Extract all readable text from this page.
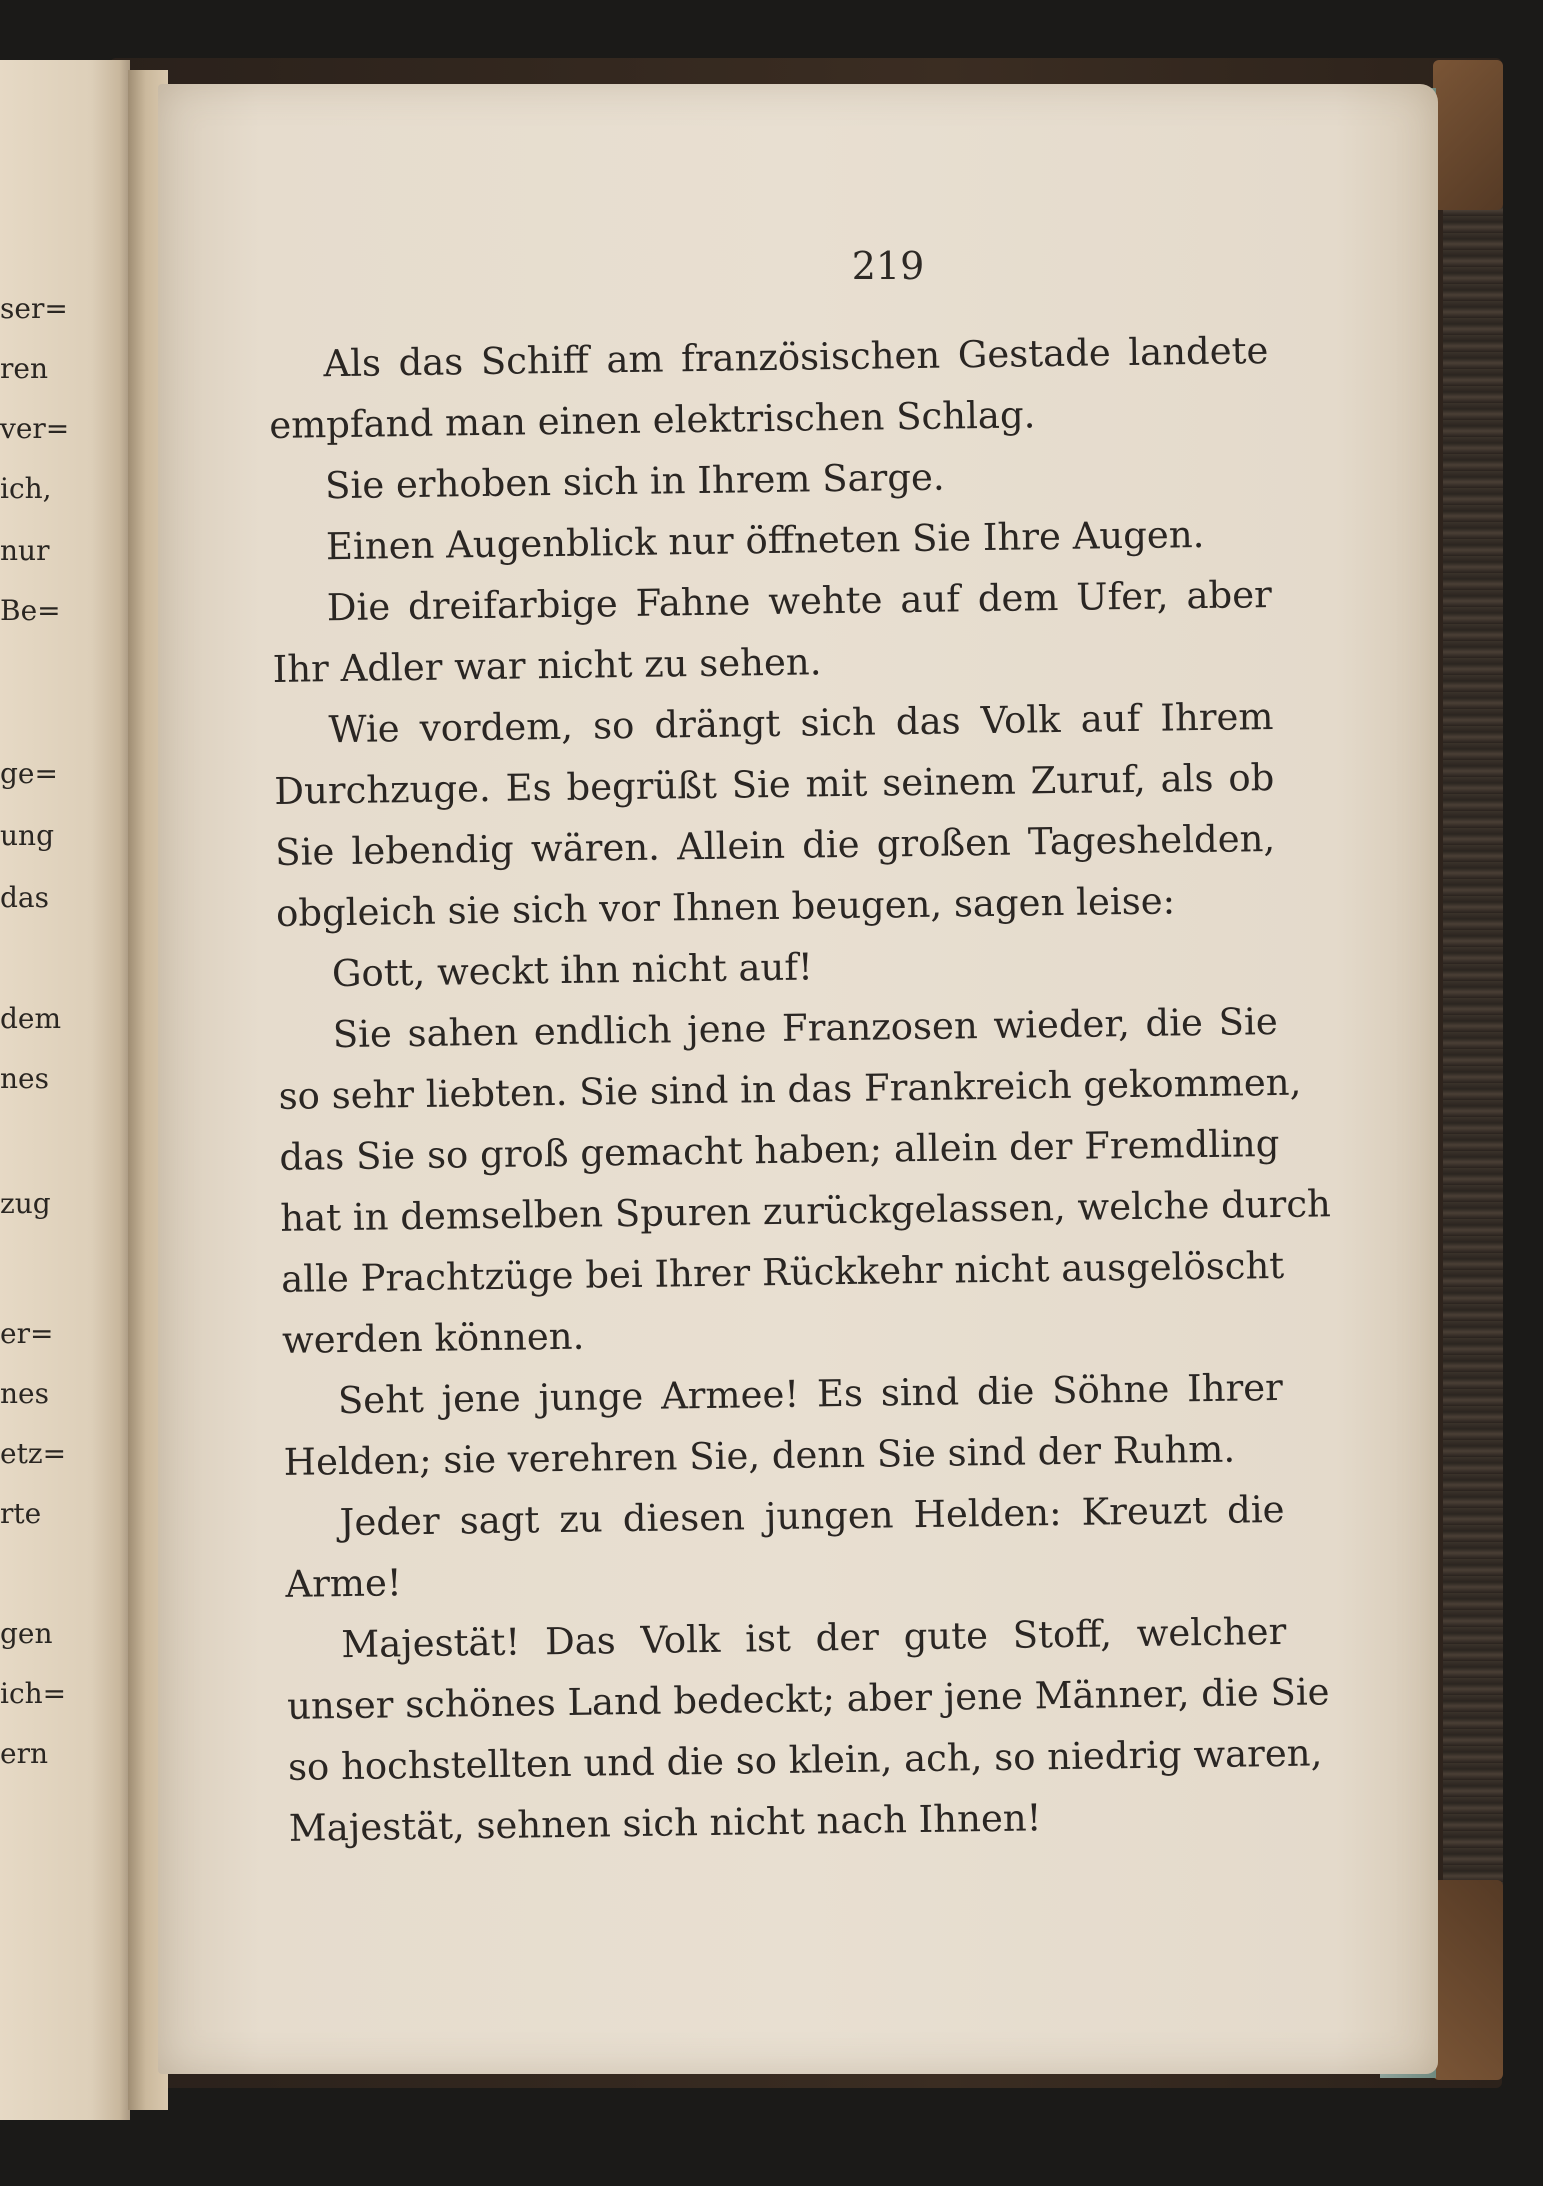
ser=
ren
ver=
ich,
nur
Be=
ge=
ung
das
dem
nes
zug
er=
nes
etz=
rte
gen
ich=
ern
219
Als das Schiff am französischen Gestade landete
empfand man einen elektrischen Schlag.
Sie erhoben sich in Ihrem Sarge.
Einen Augenblick nur öffneten Sie Ihre Augen.
Die dreifarbige Fahne wehte auf dem Ufer, aber
Ihr Adler war nicht zu sehen.
Wie vordem, so drängt sich das Volk auf Ihrem
Durchzuge. Es begrüßt Sie mit seinem Zuruf, als ob
Sie lebendig wären. Allein die großen Tageshelden,
obgleich sie sich vor Ihnen beugen, sagen leise:
Gott, weckt ihn nicht auf!
Sie sahen endlich jene Franzosen wieder, die Sie
so sehr liebten. Sie sind in das Frankreich gekommen,
das Sie so groß gemacht haben; allein der Fremdling
hat in demselben Spuren zurückgelassen, welche durch
alle Prachtzüge bei Ihrer Rückkehr nicht ausgelöscht
werden können.
Seht jene junge Armee! Es sind die Söhne Ihrer
Helden; sie verehren Sie, denn Sie sind der Ruhm.
Jeder sagt zu diesen jungen Helden: Kreuzt die
Arme!
Majestät! Das Volk ist der gute Stoff, welcher
unser schönes Land bedeckt; aber jene Männer, die Sie
so hochstellten und die so klein, ach, so niedrig waren,
Majestät, sehnen sich nicht nach Ihnen!
